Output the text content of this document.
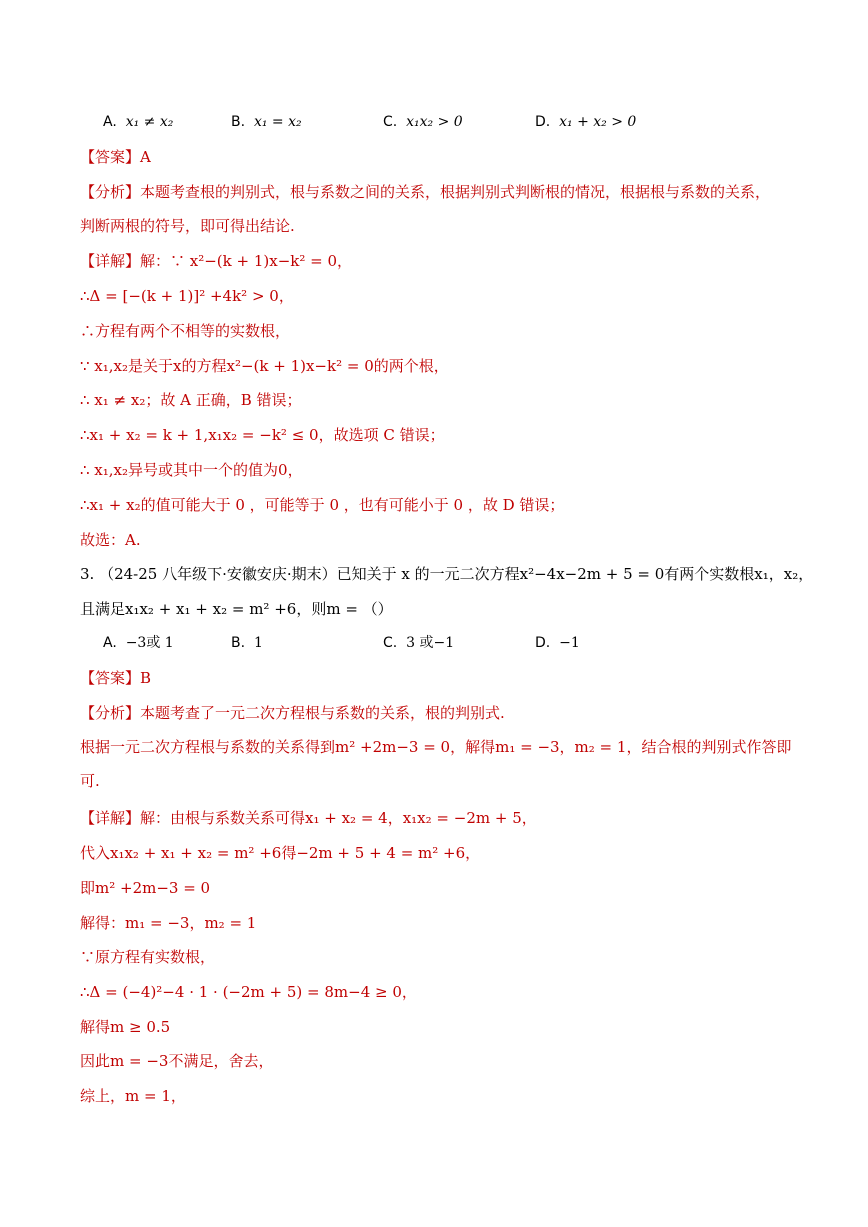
A. x₁ ≠ x₂	B. x₁ = x₂	C. x₁x₂ > 0	D. x₁ + x₂ > 0
【答案】A
【分析】本题考查根的判别式，根与系数之间的关系，根据判别式判断根的情况，根据根与系数的关系，
判断两根的符号，即可得出结论.
【详解】解：∵ x²−(k + 1)x−k² = 0，
∴Δ = [−(k + 1)]² +4k² > 0，
∴方程有两个不相等的实数根，
∵ x₁,x₂是关于x的方程x²−(k + 1)x−k² = 0的两个根，
∴ x₁ ≠ x₂；故 A 正确，B 错误；
∴x₁ + x₂ = k + 1,x₁x₂ = −k² ≤ 0，故选项 C 错误；
∴ x₁,x₂异号或其中一个的值为0，
∴x₁ + x₂的值可能大于 0 ，可能等于 0 ，也有可能小于 0 ，故 D 错误；
故选：A.
3. （24-25 八年级下·安徽安庆·期末）已知关于 x 的一元二次方程x²−4x−2m + 5 = 0有两个实数根x₁，x₂，
且满足x₁x₂ + x₁ + x₂ = m² +6，则m = （）
A. −3或 1	B. 1	C. 3 或−1	D. −1
【答案】B
【分析】本题考查了一元二次方程根与系数的关系，根的判别式.
根据一元二次方程根与系数的关系得到m² +2m−3 = 0，解得m₁ = −3，m₂ = 1，结合根的判别式作答即
可.
【详解】解：由根与系数关系可得x₁ + x₂ = 4，x₁x₂ = −2m + 5，
代入x₁x₂ + x₁ + x₂ = m² +6得−2m + 5 + 4 = m² +6，
即m² +2m−3 = 0
解得：m₁ = −3，m₂ = 1
∵原方程有实数根，
∴Δ = (−4)²−4 · 1 · (−2m + 5) = 8m−4 ≥ 0，
解得m ≥ 0.5
因此m = −3不满足，舍去，
综上，m = 1，
